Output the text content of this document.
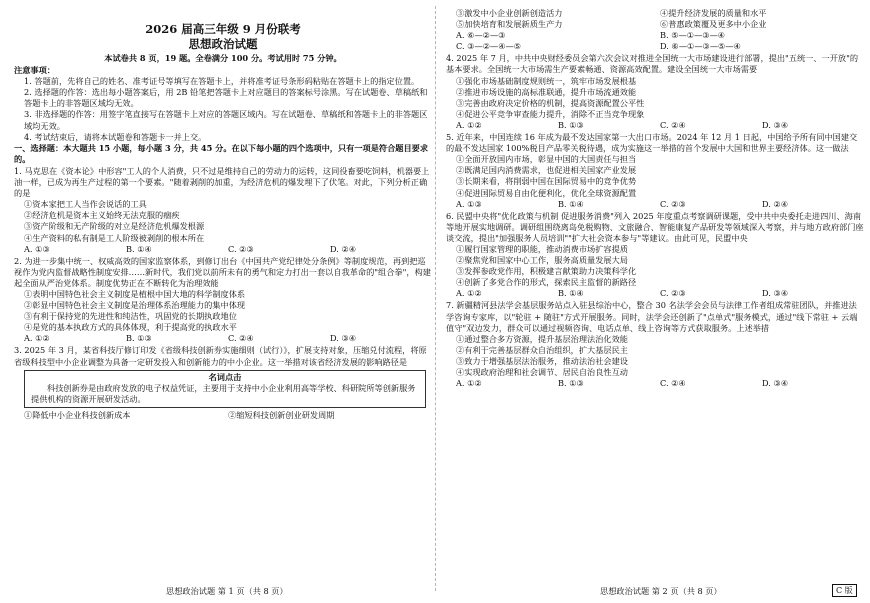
2026 届高三年级 9 月份联考
思想政治试题
本试卷共 8 页，19 题。全卷满分 100 分。考试用时 75 分钟。
注意事项：
1. 答题前，先将自己的姓名、准考证号等填写在答题卡上，并将准考证号条形码粘贴在答题卡上的指定位置。
2. 选择题的作答：选出每小题答案后，用 2B 铅笔把答题卡上对应题目的答案标号涂黑。写在试题卷、草稿纸和答题卡上的非答题区域均无效。
3. 非选择题的作答：用签字笔直接写在答题卡上对应的答题区域内。写在试题卷、草稿纸和答题卡上的非答题区域均无效。
4. 考试结束后，请将本试题卷和答题卡一并上交。
一、选择题：本大题共 15 小题，每小题 3 分，共 45 分。在以下每小题的四个选项中，只有一项是符合题目要求的。
1. 马克思在《资本论》中形容"工人的个人消费，只不过是维持自己的劳动力的运转，这同役畜要吃饲料，机器要上油一样，已成为再生产过程的第一个要素。"随着剥削的加重，为经济危机的爆发埋下了伏笔。对此，下列分析正确的是
①资本家把工人当作会说话的工具
②经济危机是资本主义始终无法克服的痼疾
③资产阶级和无产阶级的对立是经济危机爆发根源
④生产资料的私有制是工人阶级被剥削的根本所在
A. ①③	B. ①④	C. ②③	D. ②④
2. 为进一步集中统一、权威高效的国家监察体系，到修订出台《中国共产党纪律处分条例》等制度规范，再到把巡视作为党内监督战略性制度安排……新时代，我们党以前所未有的勇气和定力打出一套以自我革命的"组合拳"，构建起全面从严治党体系。制度优势正在不断转化为治理效能
①表明中国特色社会主义制度是植根中国大地的科学制度体系
②彰显中国特色社会主义制度是治理体系治理能力的集中体现
③有利于保持党的先进性和纯洁性，巩固党的长期执政地位
④是党的基本执政方式的具体体现，利于提高党的执政水平
A. ①②	B. ①③	C. ②④	D. ③④
3. 2025 年 3 月，某省科技厅修订印发《省级科技创新券实施细则（试行）》，扩展支持对象，压缩兑付流程，将原省级科技型中小企业调整为具备一定研发投入和创新能力的中小企业。这一举措对该省经济发展的影响路径是
名词点击
科技创新券是由政府发放的电子权益凭证，主要用于支持中小企业利用高等学校、科研院所等创新服务提供机构的资源开展研发活动。
①降低中小企业科技创新成本	②缩短科技创新创业研发周期
③激发中小企业创新创造活力	④提升经济发展的质量和水平
⑤加快培育和发展新质生产力	⑥普惠政策覆及更多中小企业
A. ⑥—②—③	B. ⑤—①—③—④
C. ③—②—④—⑤	D. ⑥—①—③—⑤—④
4. 2025 年 7 月，中共中央财经委员会第六次会议对推进全国统一大市场建设进行部署，提出"五统一、一开放"的基本要求。全国统一大市场需生产要素畅通、资源高效配置。建设全国统一大市场需要
①强化市场基础制度规则统一，筑牢市场发展根基
②推进市场设施的高标准联通，提升市场流通效能
③完善由政府决定价格的机制，提高资源配置公平性
④促进公平竞争审查能力提升，消除不正当竞争现象
A. ①②	B. ①③	C. ②④	D. ③④
5. 近年来，中国连续 16 年成为最不发达国家第一大出口市场。2024 年 12 月 1 日起，中国给予所有同中国建交的最不发达国家 100%税目产品零关税待遇，成为实施这一举措的首个发展中大国和世界主要经济体。这一做法
①全面开放国内市场，彰显中国的大国责任与担当
②既满足国内消费需求，也促进相关国家产业发展
③长期来看，将削弱中国在国际贸易中的竞争优势
④促进国际贸易自由化便利化，优化全球资源配置
A. ①③	B. ①④	C. ②③	D. ②④
6. 民盟中央将"优化政策与机制 促进服务消费"列入 2025 年度重点考察调研课题，受中共中央委托走进四川、海南等地开展实地调研。调研组围绕离岛免税购物、文旅融合、智能康复产品研发等领域深入考察，并与地方政府部门座谈交流，提出"加强服务人员培训""扩大社会资本参与"等建议。由此可见，民盟中央
①履行国家管理的职能，推动消费市场扩容提质
②聚焦党和国家中心工作，服务高质量发展大局
③发挥参政党作用，积极建言献策助力决策科学化
④创新了多党合作的形式，探索民主监督的新路径
A. ①②	B. ①④	C. ②③	D. ③④
7. 新疆精河县法学会基层服务站点入驻县综治中心，整合 30 名法学会会员与法律工作者组成常驻团队，并推进法学咨询专家库，以"轮驻 + 随驻"方式开展服务。同时，法学会还创新了"点单式"服务模式，通过"线下常驻 + 云端值守"双边发力，群众可以通过视频咨询、电话点单、线上咨询等方式获取服务。上述举措
①通过整合多方资源，提升基层治理法治化效能
②有利于完善基层群众自治组织，扩大基层民主
③致力于增强基层法治服务，推动法治社会建设
④实现政府治理和社会调节、居民自治良性互动
A. ①②	B. ①③	C. ②④	D. ③④
思想政治试题 第 1 页（共 8 页）	思想政治试题 第 2 页（共 8 页）	C 版
